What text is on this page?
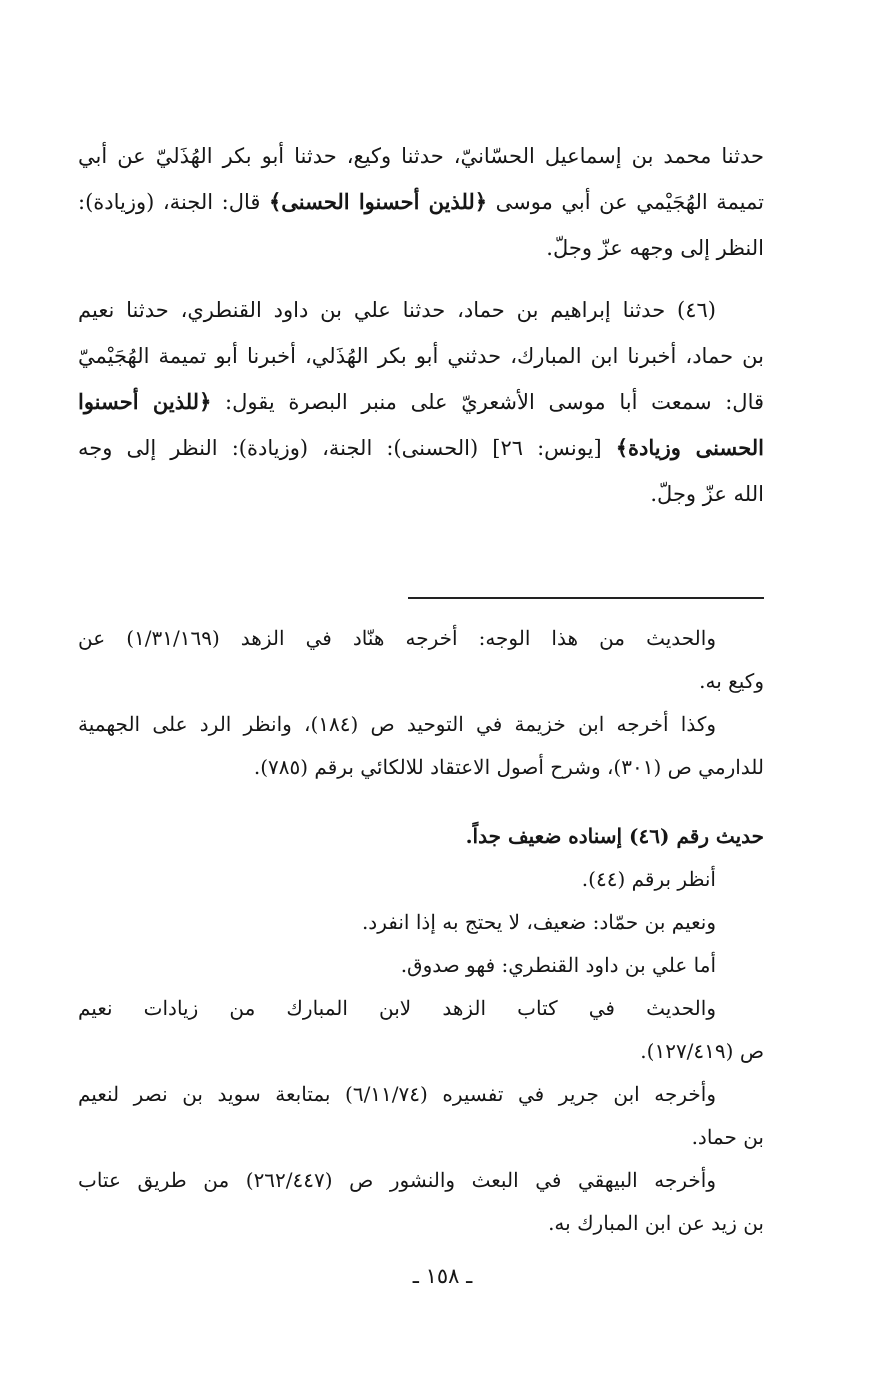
حدثنا محمد بن إسماعيل الحسّانيّ، حدثنا وكيع، حدثنا أبو بكر الهُذَليّ عن أبي
تميمة الهُجَيْمي عن أبي موسى ﴿للذين أحسنوا الحسنى﴾ قال: الجنة، (وزيادة):
النظر إلى وجهه عزّ وجلّ.
(٤٦) حدثنا إبراهيم بن حماد، حدثنا علي بن داود القنطري، حدثنا نعيم
بن حماد، أخبرنا ابن المبارك، حدثني أبو بكر الهُذَلي، أخبرنا أبو تميمة الهُجَيْميّ
قال: سمعت أبا موسى الأشعريّ على منبر البصرة يقول: ﴿للذين أحسنوا
الحسنى وزيادة﴾ [يونس: ٢٦] (الحسنى): الجنة، (وزيادة): النظر إلى وجه
الله عزّ وجلّ.
والحديث من هذا الوجه: أخرجه هنّاد في الزهد (١/٣١/١٦٩) عن
وكيع به.
وكذا أخرجه ابن خزيمة في التوحيد ص (١٨٤)، وانظر الرد على الجهمية
للدارمي ص (٣٠١)، وشرح أصول الاعتقاد للالكائي برقم (٧٨٥).
حديث رقم (٤٦) إسناده ضعيف جداً.
أنظر برقم (٤٤).
ونعيم بن حمّاد: ضعيف، لا يحتج به إذا انفرد.
أما علي بن داود القنطري: فهو صدوق.
والحديث في كتاب الزهد لابن المبارك من زيادات نعيم
ص (١٢٧/٤١٩).
وأخرجه ابن جرير في تفسيره (٦/١١/٧٤) بمتابعة سويد بن نصر لنعيم
بن حماد.
وأخرجه البيهقي في البعث والنشور ص (٢٦٢/٤٤٧) من طريق عتاب
بن زيد عن ابن المبارك به.
ـ ١٥٨ ـ
